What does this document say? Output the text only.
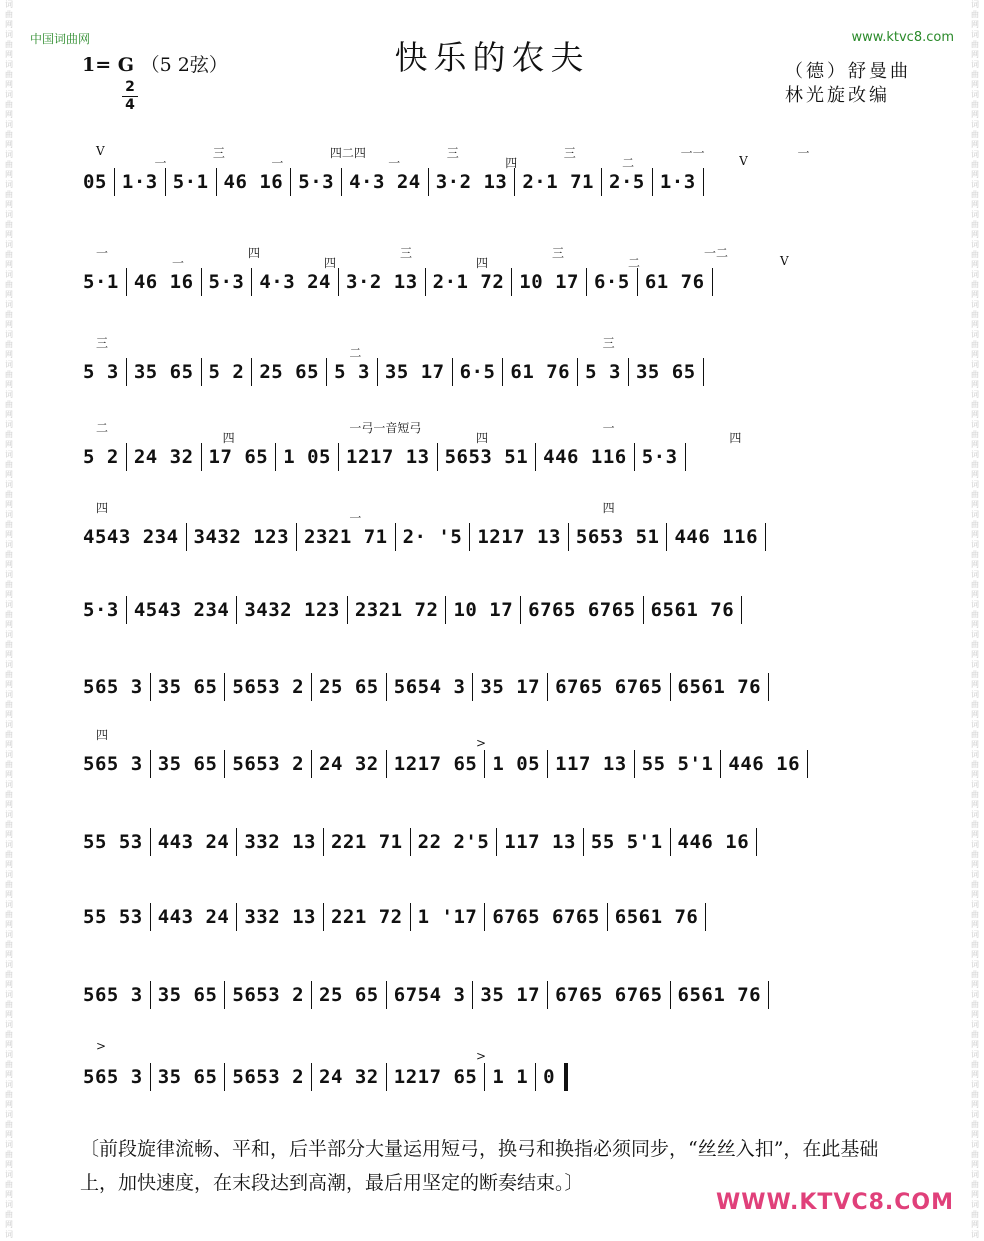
词
曲
网
词
曲
网
词
曲
网
词
曲
网
词
曲
网
词
曲
网
词
曲
网
词
曲
网
词
曲
网
词
曲
网
词
曲
网
词
曲
网
词
曲
网
词
曲
网
词
曲
网
词
曲
网
词
曲
网
词
曲
网
词
曲
网
词
曲
网
词
曲
网
词
曲
网
词
曲
网
词
曲
网
词
曲
网
词
曲
网
词
曲
网
词
曲
网
词
曲
网
词
曲
网
词
曲
网
词
曲
网
词
曲
网
词
曲
网
词
曲
网
词
曲
网
词
曲
网
词
曲
网
词
曲
网
词
曲
网
词
曲
网
词
词
曲
网
词
曲
网
词
曲
网
词
曲
网
词
曲
网
词
曲
网
词
曲
网
词
曲
网
词
曲
网
词
曲
网
词
曲
网
词
曲
网
词
曲
网
词
曲
网
词
曲
网
词
曲
网
词
曲
网
词
曲
网
词
曲
网
词
曲
网
词
曲
网
词
曲
网
词
曲
网
词
曲
网
词
曲
网
词
曲
网
词
曲
网
词
曲
网
词
曲
网
词
曲
网
词
曲
网
词
曲
网
词
曲
网
词
曲
网
词
曲
网
词
曲
网
词
曲
网
词
曲
网
词
曲
网
词
曲
网
词
曲
网
词
中国词曲网	www.ktvc8.com
快乐的农夫
1= G （5 2弦）
2
4
（德）舒曼曲
林光旋改编
V
一
三
一
四二四
一
三
四
三
二
一一
V
一
05 1·3 5·1 46 16 5·3 4·3 24 3·2 13 2·1 71 2·5 1·3
一
一
四
四
三
四
三
二
一二
V
5·1 46 16 5·3 4·3 24 3·2 13 2·1 72 10 17 6·5 61 76
三
二
三
5 3 35 65 5 2 25 65 5 3 35 17 6·5 61 76 5 3 35 65
二
四
一弓一音短弓
四
一
四
5 2 24 32 17 65 1 05 1217 13 5653 51 446 116 5·3
四
一
四
4543 234 3432 123 2321 71 2· '5 1217 13 5653 51 446 116
5·3 4543 234 3432 123 2321 72 10 17 6765 6765 6561 76
565 3 35 65 5653 2 25 65 5654 3 35 17 6765 6765 6561 76
四
>
565 3 35 65 5653 2 24 32 1217 65 1 05 117 13 55 5'1 446 16
55 53 443 24 332 13 221 71 22 2'5 117 13 55 5'1 446 16
55 53 443 24 332 13 221 72 1 '17 6765 6765 6561 76
565 3 35 65 5653 2 25 65 6754 3 35 17 6765 6765 6561 76
>
>
565 3 35 65 5653 2 24 32 1217 65 1 1 0
〔前段旋律流畅、平和，后半部分大量运用短弓，换弓和换指必须同步，“丝丝入扣”，在此基础上，加快速度，在末段达到高潮，最后用坚定的断奏结束。〕
WWW.KTVC8.COM
